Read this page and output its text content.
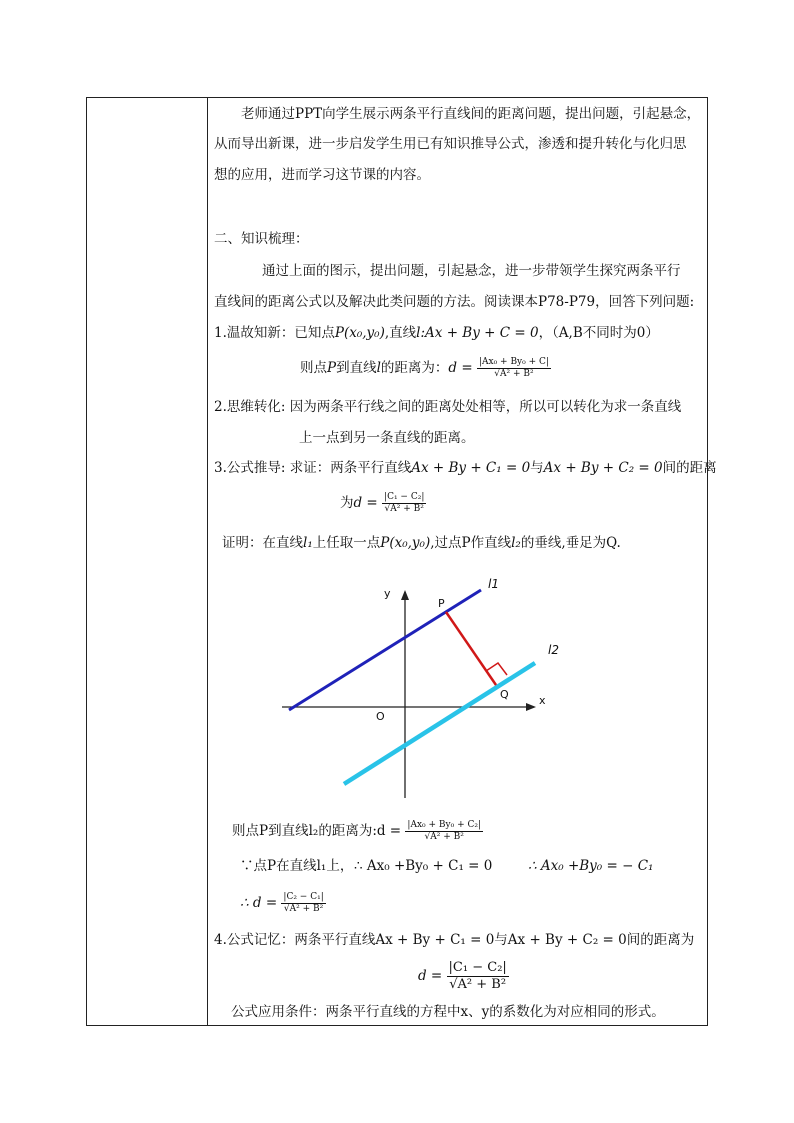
老师通过PPT向学生展示两条平行直线间的距离问题，提出问题，引起悬念，
从而导出新课，进一步启发学生用已有知识推导公式，渗透和提升转化与化归思
想的应用，进而学习这节课的内容。
二、知识梳理：
通过上面的图示，提出问题，引起悬念，进一步带领学生探究两条平行
直线间的距离公式以及解决此类问题的方法。阅读课本P78-P79，回答下列问题:
1.温故知新：已知点P(x₀,y₀),直线l:Ax + By + C = 0，（A,B不同时为0）
则点P到直线l的距离为：$d = \frac{\text{|Ax₀ + By₀ + C|}}{\text{√A² + B²}}$
2.思维转化: 因为两条平行线之间的距离处处相等，所以可以转化为求一条直线
上一点到另一条直线的距离。
3.公式推导: 求证：两条平行直线Ax + By + C₁ = 0与Ax + By + C₂ = 0间的距离
为$d = \frac{\text{|C₁ − C₂|}}{\text{√A² + B²}}$
证明：在直线l₁上任取一点P(x₀,y₀),过点P作直线l₂的垂线,垂足为Q.
y
x
O
P
Q
l1
l2
则点P到直线l₂的距离为:d = $\frac{\text{|Ax₀ + By₀ + C₂|}}{\text{√A² + B²}}$
∵点P在直线l₁上， ∴ Ax₀ +By₀ + C₁ = 0	∴ Ax₀ +By₀ = − C₁
∴ $d = \frac{\text{|C₂ − C₁|}}{\text{√A² + B²}}$
4.公式记忆：两条平行直线Ax + By + C₁ = 0与Ax + By + C₂ = 0间的距离为
$d = \frac{\text{|C₁ − C₂|}}{\text{√A² + B²}}$
公式应用条件：两条平行直线的方程中x、y的系数化为对应相同的形式。
